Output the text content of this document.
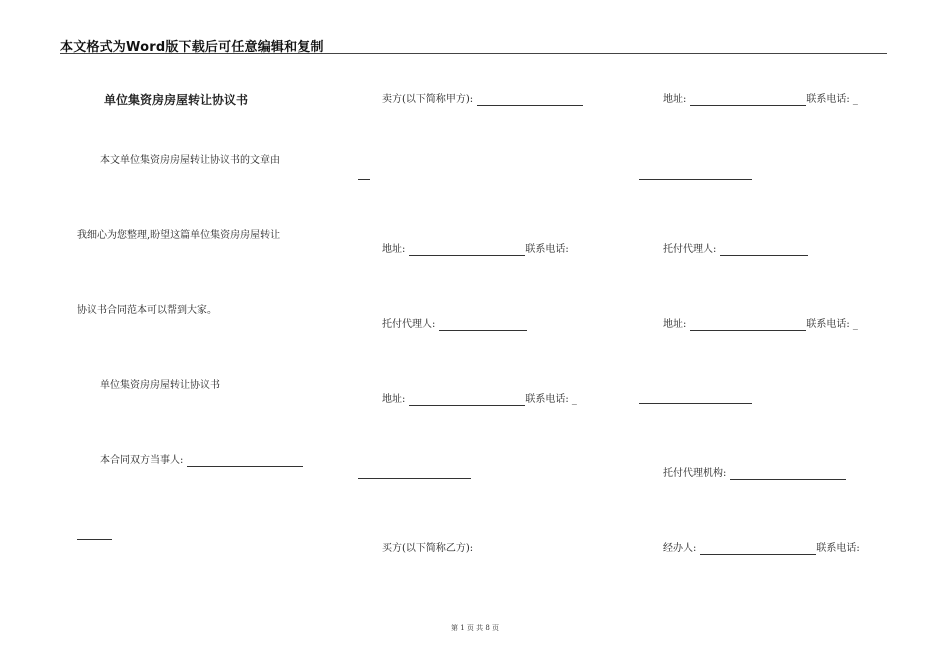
本文格式为Word版下载后可任意编辑和复制
单位集资房房屋转让协议书
本文单位集资房房屋转让协议书的文章由
我细心为您整理,盼望这篇单位集资房房屋转让
协议书合同范本可以帮到大家。
单位集资房房屋转让协议书
本合同双方当事人:
卖方(以下简称甲方):
地址:	联系电话:
托付代理人:
地址:	联系电话: _
买方(以下简称乙方):
地址:	联系电话: _
托付代理人:
地址:	联系电话: _
托付代理机构:
经办人:	联系电话:
第 1 页 共 8 页
